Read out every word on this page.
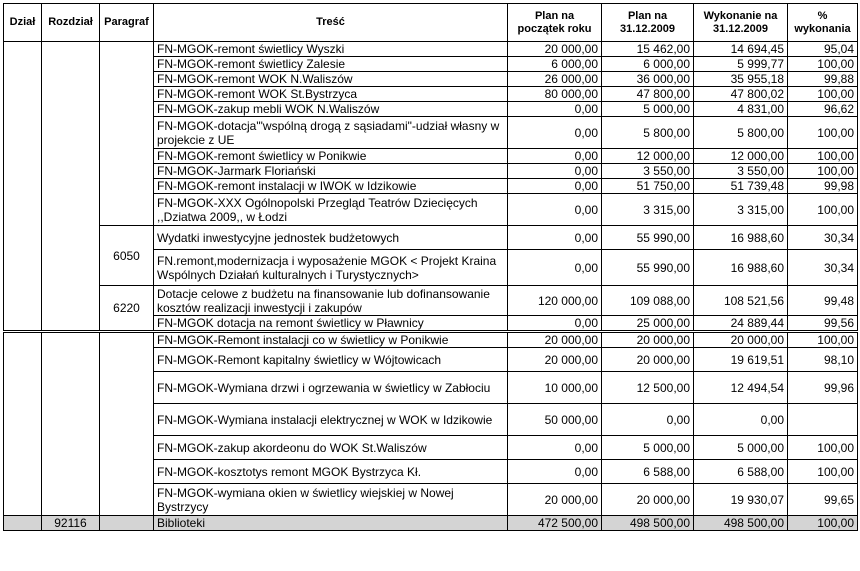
Dział	Rozdział	Paragraf	Treść	Plan na początek roku	Plan na 31.12.2009	Wykonanie na 31.12.2009	% wykonania
			FN-MGOK-remont świetlicy Wyszki	20 000,00	15 462,00	14 694,45	95,04
			FN-MGOK-remont świetlicy Zalesie	6 000,00	6 000,00	5 999,77	100,00
			FN-MGOK-remont WOK N.Waliszów	26 000,00	36 000,00	35 955,18	99,88
			FN-MGOK-remont WOK St.Bystrzyca	80 000,00	47 800,00	47 800,02	100,00
			FN-MGOK-zakup mebli WOK N.Waliszów	0,00	5 000,00	4 831,00	96,62
			FN-MGOK-dotacja"'wspólną drogą z sąsiadami"-udział własny w projekcie z UE	0,00	5 800,00	5 800,00	100,00
			FN-MGOK-remont świetlicy w Ponikwie	0,00	12 000,00	12 000,00	100,00
			FN-MGOK-Jarmark Floriański	0,00	3 550,00	3 550,00	100,00
			FN-MGOK-remont instalacji w IWOK w Idzikowie	0,00	51 750,00	51 739,48	99,98
			FN-MGOK-XXX Ogólnopolski Przegląd Teatrów Dziecięcych ,,Dziatwa 2009,, w Łodzi	0,00	3 315,00	3 315,00	100,00
		6050	Wydatki inwestycyjne jednostek budżetowych	0,00	55 990,00	16 988,60	30,34
			FN.remont,modernizacja i wyposażenie MGOK < Projekt Kraina Wspólnych Działań kulturalnych i Turystycznych>	0,00	55 990,00	16 988,60	30,34
		6220	Dotacje celowe z budżetu na finansowanie lub dofinansowanie kosztów realizacji inwestycji i zakupów	120 000,00	109 088,00	108 521,56	99,48
			FN-MGOK dotacja na remont świetlicy w Pławnicy	0,00	25 000,00	24 889,44	99,56
			FN-MGOK-Remont instalacji co w świetlicy w Ponikwie	20 000,00	20 000,00	20 000,00	100,00
			FN-MGOK-Remont kapitalny świetlicy w Wójtowicach	20 000,00	20 000,00	19 619,51	98,10
			FN-MGOK-Wymiana drzwi i ogrzewania w świetlicy w Zabłociu	10 000,00	12 500,00	12 494,54	99,96
			FN-MGOK-Wymiana instalacji elektrycznej w WOK w Idzikowie	50 000,00	0,00	0,00	
			FN-MGOK-zakup akordeonu do WOK St.Waliszów	0,00	5 000,00	5 000,00	100,00
			FN-MGOK-kosztotys remont MGOK Bystrzyca Kł.	0,00	6 588,00	6 588,00	100,00
			FN-MGOK-wymiana okien w świetlicy wiejskiej w Nowej Bystrzycy	20 000,00	20 000,00	19 930,07	99,65
	92116		Biblioteki	472 500,00	498 500,00	498 500,00	100,00
